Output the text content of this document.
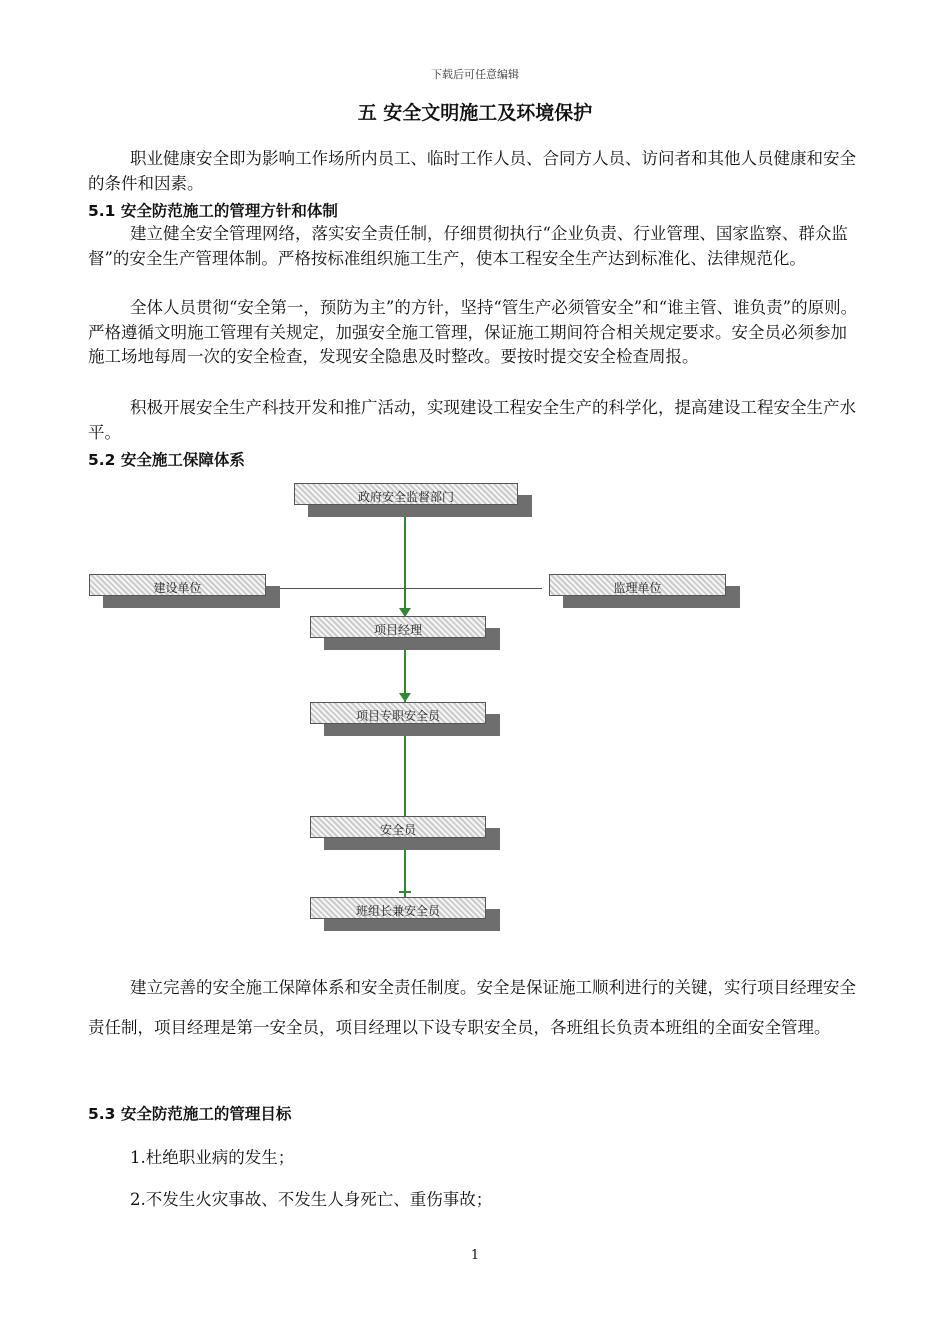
下载后可任意编辑
五 安全文明施工及环境保护

职业健康安全即为影响工作场所内员工、临时工作人员、合同方人员、访问者和其他人员健康和安全的条件和因素。

5.1 安全防范施工的管理方针和体制

建立健全安全管理网络，落实安全责任制，仔细贯彻执行“企业负责、行业管理、国家监察、群众监督”的安全生产管理体制。严格按标准组织施工生产，使本工程安全生产达到标准化、法律规范化。

全体人员贯彻“安全第一，预防为主”的方针，坚持“管生产必须管安全”和“谁主管、谁负责”的原则。严格遵循文明施工管理有关规定，加强安全施工管理，保证施工期间符合相关规定要求。安全员必须参加施工场地每周一次的安全检查，发现安全隐患及时整改。要按时提交安全检查周报。

积极开展安全生产科技开发和推广活动，实现建设工程安全生产的科学化，提高建设工程安全生产水平。

5.2 安全施工保障体系
政府安全监督部门
建设单位	监理单位
项目经理
项目专职安全员
安全员
班组长兼安全员

建立完善的安全施工保障体系和安全责任制度。安全是保证施工顺利进行的关键，实行项目经理安全责任制，项目经理是第一安全员，项目经理以下设专职安全员，各班组长负责本班组的全面安全管理。

5.3 安全防范施工的管理目标
1.杜绝职业病的发生；
2.不发生火灾事故、不发生人身死亡、重伤事故；
1
